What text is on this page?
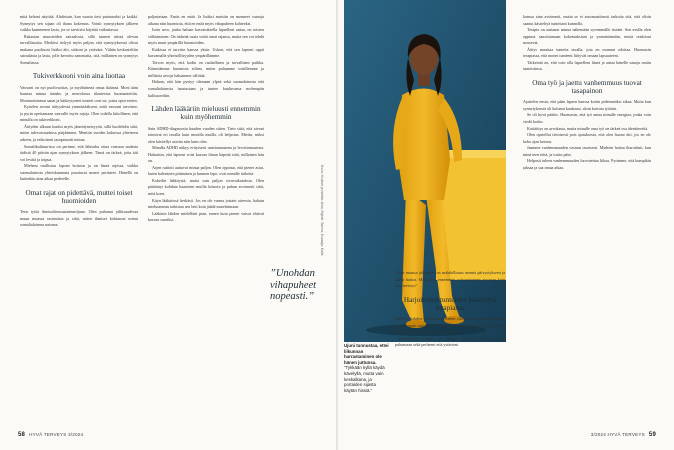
mitä kehoni näyttää. Ahdistuin, kun vaasin tiesi paimaraksi ja kaikki. Synnytys sen sijaan oli ihana kokemus. Vointi synnytyksen jälkeen vaikka kummenen lasta, jos se tarvitsisi käyttää vaikuttavaa.

Rakastan muusteiden sairaalosta, sillä tunnen niissä olevan turvallisuutta. Merkitsi itelyyti myös paljon, että synnytyksessä olivat mukana puolisoni lisäksi äiti, siskoni ja ystäväni. Vähän keskusteltiin sairaalasta ja lasta, jolle kerrottu sanomatta, sitä, millainen on synnytys Somaliassa.

Tukiverkkooni voin aina luottaa

Vauvani on nyt puolivuotias, ja myöhäisenä omaa ikäänsä. Moni ääni haastaa minua tänään, ja neuvolassa tilanteesta huomautettiin. Moninaisimmat sanat ja kätkeytyneet tunteet ovat ne, joista opin eniten.

Kyttelen arvoni äitiyydessä ymmärtääkseni, mitä vauvani tarvitsee, ja pyrin opettamaan vauvalle myös rajoja. Olen todella kiitollinen, että minulla on tukiverkkoni.

Äitiyden alkuun kuului myös jännittyneisyyttä, sillä huolehdin siitä, miten tulevaisuudessa pärjäämme. Mentiin vuoden kuluessa yhteiseen arkeen, ja esikoiseni tasapainotti minua.

Somalikulttuurissa on perinne, että lähisuku ottaa vastuun uudesta äidistä 40 päivän ajan synnytyksen jälkeen. Tämä on tärkeä, jotta äiti voi levätä ja toipua.

Mieheni osallistuu lapsen hoitoon ja on läsnä arjessa, vaikka suomalaisesta yhteiskunnasta puuttuvat monet perinteet. Hänellä on kuitenkin aina aikaa perheelle.

Omat rajat on pidettävä, muttei toiset huomioiden

Teen työtä ihmisoikeusasiantuntijana. Olen puhunut julkisuudessa muun muassa rasismista ja siitä, miten ihmiset kohtaavat minut somalialaisena naisena.

paljastetaan. Emäs en enää. Ja lisäksi muistin on menneet vaaroja aikana niin huomiota, että en enää myös vihapuheen kohteeksi.

Isoin arvo, jonka haluan kasvatuksella lapselleni antaa, on toisten välittäminen. On tärkeää osata vetää omat rajansa, mutta sen voi tehdä myös muut ympärillä huomioiden.

Kaikissa ei tarvitse kanssa yksin. Uskon, että sen lapseni oppii kasvamalla yhteisöllisyyden ympärillämme.

Toivon myös, että kodin on rauhallinen ja turvallinen paikka. Kiinnitämme huomiota siihen, miten puhumme toisillemme ja millaisia arvoja haluamme välittää.

Haluan, että hän pystyy olemaan ylpeä sekä suomalaisesta että somalialaisesta taustastaan ja tuntee kuuluvansa molempiin kulttuureihin.

Lähden lääkäriin mieluusti ennemmin kuin myöhemmin

Sain ADHD-diagnoosin kuuden vuoden sitten. Tieto siitä, että aivoni toimivat eri tavalla kuin monilla muilla, oli helpotus. Mietin, miksi olen käsitellyt asioita niin kuin olen.

Minulla ADHD näkyy erityisesti unettomuutena ja levottomuutena. Haluaisin, että lapseni voisi kasvaa ilman häpeää siitä, millainen hän on.

Arjen rutiinit auttavat minua paljon. Olen oppinut, että pienet asiat, kuten kalenterin pitäminen ja kunnon lepo, ovat minulle tärkeitä.

Kokeilin lääkitystä, mutta sain paljon sivuvaikutuksia. Olen päättänyt kohdata haasteeni muilla keinoin ja puhun avoimesti siitä, mitä koen.

Käyn lääkärissä herkästi. Jos en ole varma jostain oireesta, haluan mieluummin tarkistaa sen heti kuin jäädä murehtimaan.

Lääkärin lähden mielelläni pian, ennen kuin pienet vaivat ehtivät kasvaa suuriksi.

”Unohdan vihapuheet nopeasti.”
58 HYVÄ TERVEYS 3/2024
Kuva: Hiukset ja meikki: Aino; Stylisti: Sanna; Kuvaaja: Kalle
Ujuni tunnustaa, ettei liikunnan harrastaminen ole hänen juttunsa. ”Tykkään kyllä käydä kävelyllä, mutta vain keskalkana, ja portaiden sijasta käytän hissiä.”

Tässä maassa jokainella on mahdollisuus mennä päivystykseen ja saada hoitoa. Mikä olisi ennemmin vaivaantuneen arvostaa kuin oma terveys?

Harjoittelen tunteiden käsittelyä terapiassa

Kasvoin kahden kulttuurin ja kielen välissä, eikä lapsena oppinut sanoittamaan tunteitani suomeksi eikä somaliksi. Pitkään ajattelin lapsellisesti, että tunteet kuuluu piilottaa.

Puhuminen itsestäni on minulle helppoa. Olen pystynyt puhumaan sekä perheeni että ystävieni

kanssa aina avoimesti, mutta se ei automaattisesti tarkoita sitä, että olisin saanut käsiteltyä tunteitani kunnolla.

Terapia on auttanut minua näkemään syvemmälle itseäni. Sen avulla olen oppinut sanoittamaan kokemuksiani ja ymmärtämään, mistä reaktioni nousevat.

Äitiys muuttaa tunteita tavalla, jota en osannut odottaa. Huomasin terapiassa, että monet tunteeni liittyvät omaan lapsuuteeni.

Tärkeintä on, että voin olla lapselleni läsnä ja antaa hänelle sanoja omiin tunteisiinsa.

Oma työ ja jaettu vanhemmuus tuovat tasapainon

Ajattelen ensin, että pään lapsen kanssa kotiin pidemmäksi aikaa. Mutta kun synnytyksestä oli kulunut kuukausi, aloin kaivata työtäni.

Se oli hyvä päätös. Huomasin, että työ antaa minulle energiaa, jonka voin viedä kotiin.

Kotiäitiys on arvokasta, mutta minulle oma työ on tärkeä osa identiteettiä.

Olen opetellut tietoisesti pois ajatuksesta, että olen huono äiti, jos en ole koko ajan kotona.

Jaamme vanhemmuuden vastuut tasaisesti. Mieheni hoitaa iltarutiinit, kun minä teen töitä, ja toisin päin.

Helposti tuleen vanhemmuuden luovutettua liikaa. Pyrimme, että kumpikin jaksaa ja saa omaa aikaa.

3/2024 HYVÄ TERVEYS 59
